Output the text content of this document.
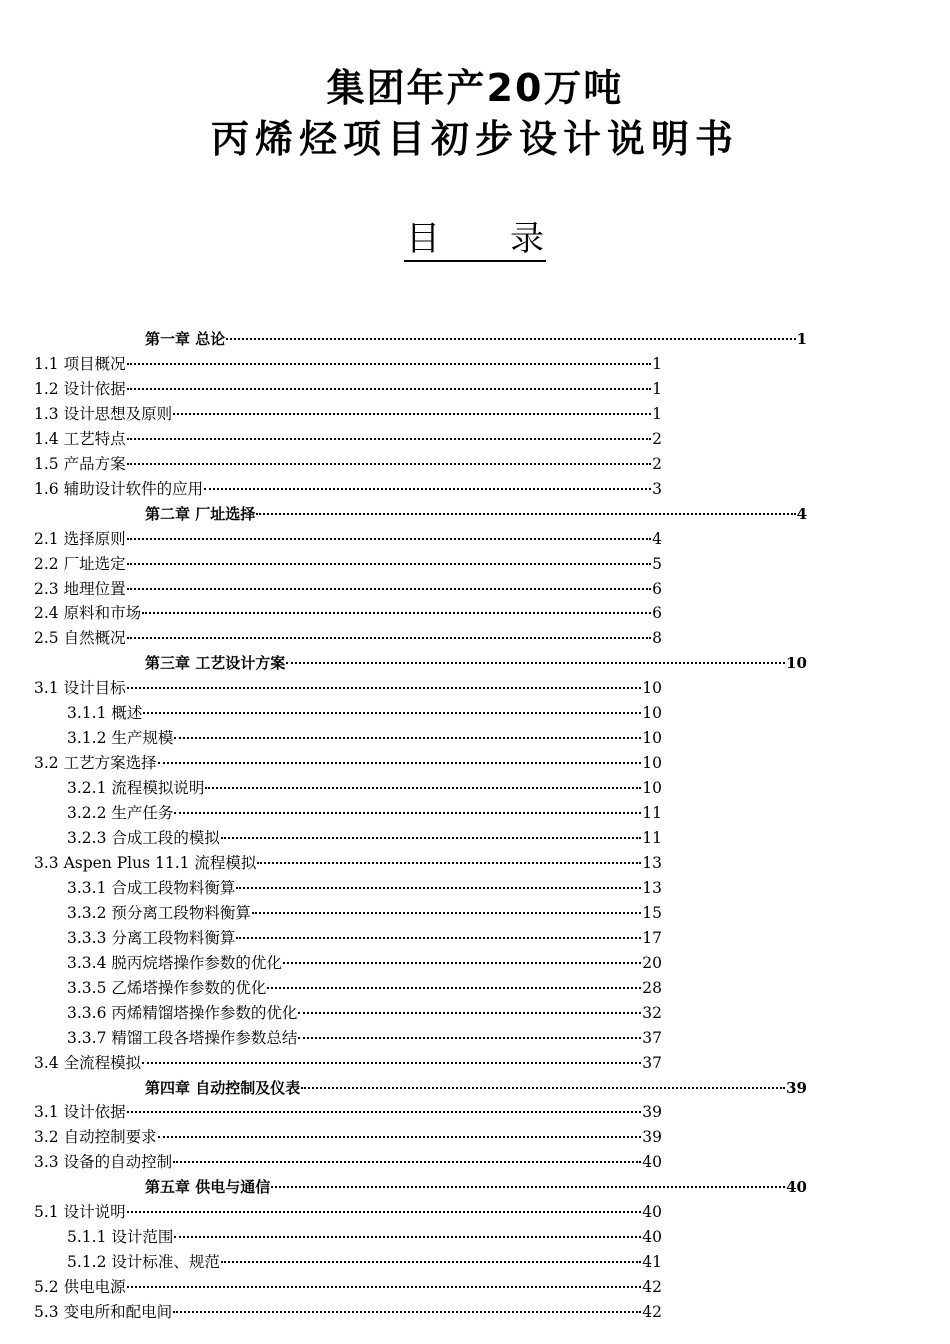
集团年产20万吨
丙烯烃项目初步设计说明书
目 录
第一章 总论	1
1.1 项目概况	1
1.2 设计依据	1
1.3 设计思想及原则	1
1.4 工艺特点	2
1.5 产品方案	2
1.6 辅助设计软件的应用	3
第二章 厂址选择	4
2.1 选择原则	4
2.2 厂址选定	5
2.3 地理位置	6
2.4 原料和市场	6
2.5 自然概况	8
第三章 工艺设计方案	10
3.1 设计目标	10
3.1.1 概述	10
3.1.2 生产规模	10
3.2 工艺方案选择	10
3.2.1 流程模拟说明	10
3.2.2 生产任务	11
3.2.3 合成工段的模拟	11
3.3 Aspen Plus 11.1 流程模拟	13
3.3.1 合成工段物料衡算	13
3.3.2 预分离工段物料衡算	15
3.3.3 分离工段物料衡算	17
3.3.4 脱丙烷塔操作参数的优化	20
3.3.5 乙烯塔操作参数的优化	28
3.3.6 丙烯精馏塔操作参数的优化	32
3.3.7 精馏工段各塔操作参数总结	37
3.4 全流程模拟	37
第四章 自动控制及仪表	39
3.1 设计依据	39
3.2 自动控制要求	39
3.3 设备的自动控制	40
第五章 供电与通信	40
5.1 设计说明	40
5.1.1 设计范围	40
5.1.2 设计标准、规范	41
5.2 供电电源	42
5.3 变电所和配电间	42
